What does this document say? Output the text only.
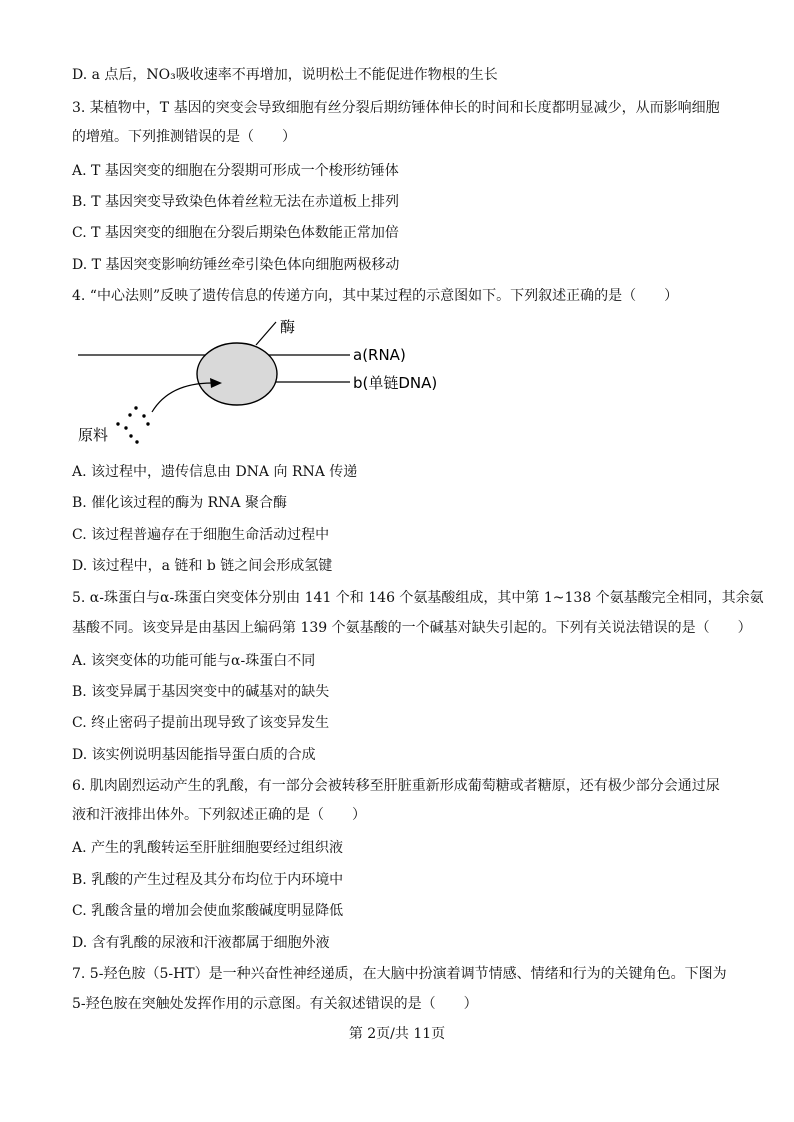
D. a 点后，NO₃吸收速率不再增加，说明松土不能促进作物根的生长
3. 某植物中，T 基因的突变会导致细胞有丝分裂后期纺锤体伸长的时间和长度都明显减少，从而影响细胞
的增殖。下列推测错误的是（　　）
A. T 基因突变的细胞在分裂期可形成一个梭形纺锤体
B. T 基因突变导致染色体着丝粒无法在赤道板上排列
C. T 基因突变的细胞在分裂后期染色体数能正常加倍
D. T 基因突变影响纺锤丝牵引染色体向细胞两极移动
4. “中心法则”反映了遗传信息的传递方向，其中某过程的示意图如下。下列叙述正确的是（　　）
酶
a(RNA)
b(单链DNA)
原料
A. 该过程中，遗传信息由 DNA 向 RNA 传递
B. 催化该过程的酶为 RNA 聚合酶
C. 该过程普遍存在于细胞生命活动过程中
D. 该过程中，a 链和 b 链之间会形成氢键
5. α-珠蛋白与α-珠蛋白突变体分别由 141 个和 146 个氨基酸组成，其中第 1~138 个氨基酸完全相同，其余氨
基酸不同。该变异是由基因上编码第 139 个氨基酸的一个碱基对缺失引起的。下列有关说法错误的是（　　）
A. 该突变体的功能可能与α-珠蛋白不同
B. 该变异属于基因突变中的碱基对的缺失
C. 终止密码子提前出现导致了该变异发生
D. 该实例说明基因能指导蛋白质的合成
6. 肌肉剧烈运动产生的乳酸，有一部分会被转移至肝脏重新形成葡萄糖或者糖原，还有极少部分会通过尿
液和汗液排出体外。下列叙述正确的是（　　）
A. 产生的乳酸转运至肝脏细胞要经过组织液
B. 乳酸的产生过程及其分布均位于内环境中
C. 乳酸含量的增加会使血浆酸碱度明显降低
D. 含有乳酸的尿液和汗液都属于细胞外液
7. 5-羟色胺（5-HT）是一种兴奋性神经递质，在大脑中扮演着调节情感、情绪和行为的关键角色。下图为
5-羟色胺在突触处发挥作用的示意图。有关叙述错误的是（　　）
第 2页/共 11页
